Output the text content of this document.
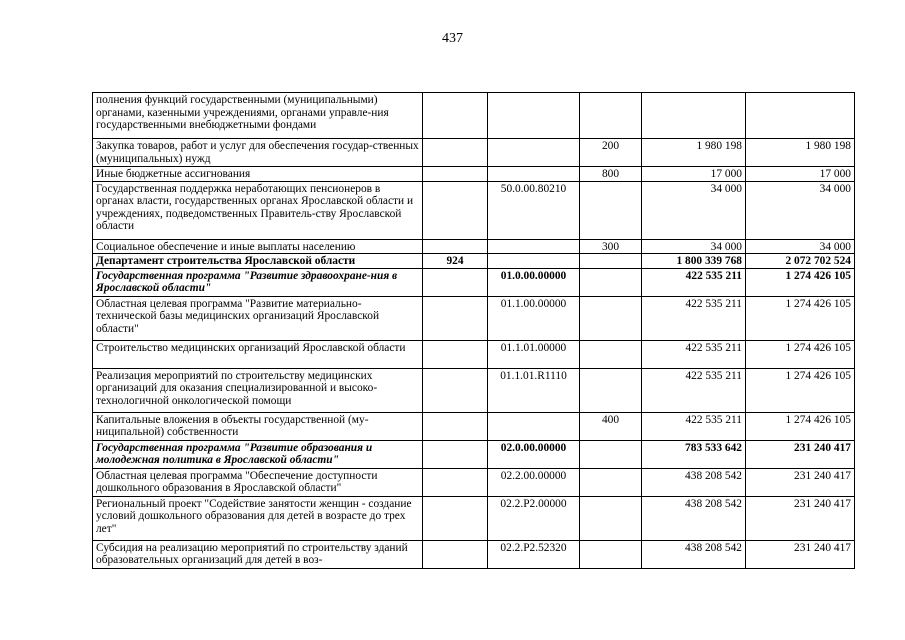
437
полнения функций государственными (муниципальными) органами, казенными учреждениями, органами управле-ния государственными внебюджетными фондами					
Закупка товаров, работ и услуг для обеспечения государ-ственных (муниципальных) нужд			200	1 980 198	1 980 198
Иные бюджетные ассигнования			800	17 000	17 000
Государственная поддержка неработающих пенсионеров в органах власти, государственных органах Ярославской области и учреждениях, подведомственных Правитель-ству Ярославской области		50.0.00.80210		34 000	34 000
Социальное обеспечение и иные выплаты населению			300	34 000	34 000
Департамент строительства Ярославской области	924			1 800 339 768	2 072 702 524
Государственная программа "Развитие здравоохране-ния в Ярославской области"		01.0.00.00000		422 535 211	1 274 426 105
Областная целевая программа "Развитие материально-технической базы медицинских организаций Ярославской области"		01.1.00.00000		422 535 211	1 274 426 105
Строительство медицинских организаций Ярославской области		01.1.01.00000		422 535 211	1 274 426 105
Реализация мероприятий по строительству медицинских организаций для оказания специализированной и высоко-технологичной онкологической помощи		01.1.01.R1110		422 535 211	1 274 426 105
Капитальные вложения в объекты государственной (му-ниципальной) собственности			400	422 535 211	1 274 426 105
Государственная программа "Развитие образования и молодежная политика в Ярославской области"		02.0.00.00000		783 533 642	231 240 417
Областная целевая программа "Обеспечение доступности дошкольного образования в Ярославской области"		02.2.00.00000		438 208 542	231 240 417
Региональный проект "Содействие занятости женщин - создание условий дошкольного образования для детей в возрасте до трех лет"		02.2.P2.00000		438 208 542	231 240 417
Субсидия на реализацию мероприятий по строительству зданий образовательных организаций для детей в воз-		02.2.P2.52320		438 208 542	231 240 417
